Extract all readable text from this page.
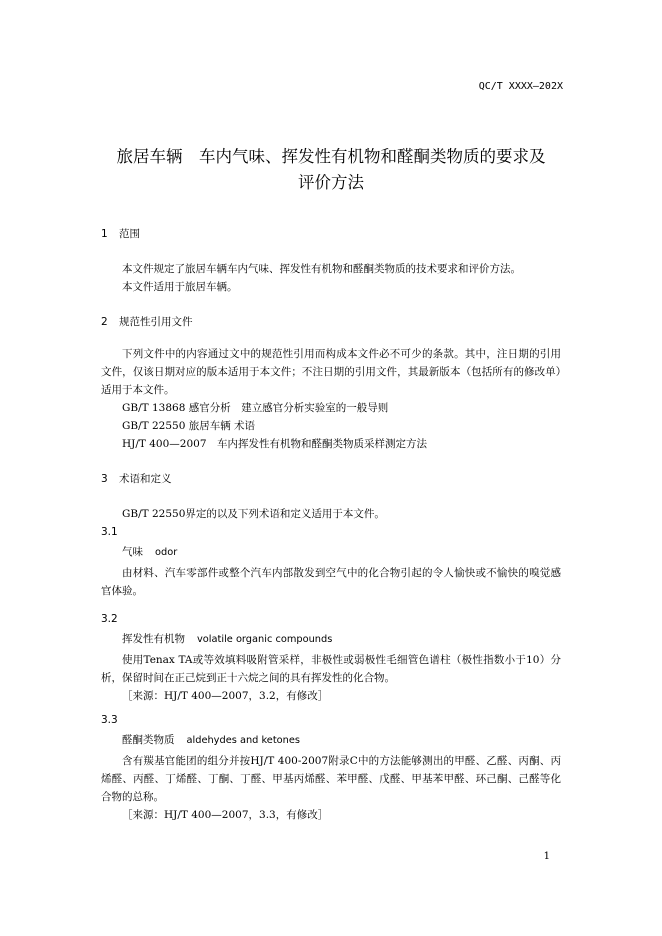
QC/T XXXX—202X
旅居车辆　车内气味、挥发性有机物和醛酮类物质的要求及
评价方法
1 范围
本文件规定了旅居车辆车内气味、挥发性有机物和醛酮类物质的技术要求和评价方法。
本文件适用于旅居车辆。
2 规范性引用文件
下列文件中的内容通过文中的规范性引用而构成本文件必不可少的条款。其中，注日期的引用文件，仅该日期对应的版本适用于本文件；不注日期的引用文件，其最新版本（包括所有的修改单）适用于本文件。
GB/T 13868 感官分析　建立感官分析实验室的一般导则
GB/T 22550 旅居车辆 术语
HJ/T 400—2007　车内挥发性有机物和醛酮类物质采样测定方法
3 术语和定义
GB/T 22550界定的以及下列术语和定义适用于本文件。
3.1
气味 odor
由材料、汽车零部件或整个汽车内部散发到空气中的化合物引起的令人愉快或不愉快的嗅觉感官体验。
3.2
挥发性有机物 volatile organic compounds
使用Tenax TA或等效填料吸附管采样，非极性或弱极性毛细管色谱柱（极性指数小于10）分析，保留时间在正己烷到正十六烷之间的具有挥发性的化合物。
［来源：HJ/T 400—2007，3.2，有修改］
3.3
醛酮类物质 aldehydes and ketones
含有羰基官能团的组分并按HJ/T 400-2007附录C中的方法能够测出的甲醛、乙醛、丙酮、丙烯醛、丙醛、丁烯醛、丁酮、丁醛、甲基丙烯醛、苯甲醛、戊醛、甲基苯甲醛、环己酮、己醛等化合物的总称。
［来源：HJ/T 400—2007，3.3，有修改］
1
